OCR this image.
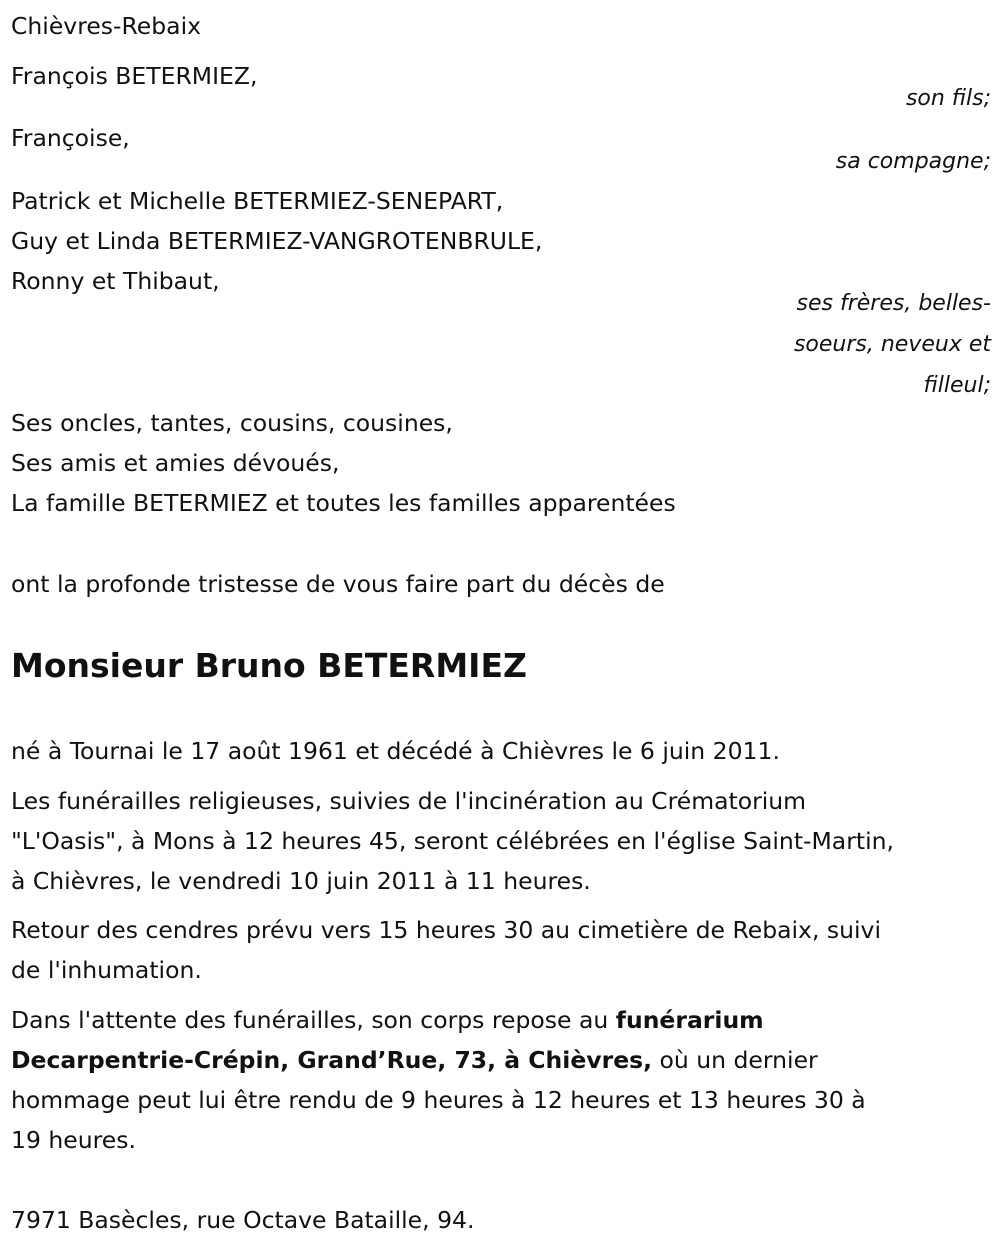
Chièvres-Rebaix
François BETERMIEZ,
son fils;
Françoise,
sa compagne;
Patrick et Michelle BETERMIEZ-SENEPART,
Guy et Linda BETERMIEZ-VANGROTENBRULE,
Ronny et Thibaut,
ses frères, belles-
soeurs, neveux et
filleul;
Ses oncles, tantes, cousins, cousines,
Ses amis et amies dévoués,
La famille BETERMIEZ et toutes les familles apparentées
ont la profonde tristesse de vous faire part du décès de
Monsieur Bruno BETERMIEZ
né à Tournai le 17 août 1961 et décédé à Chièvres le 6 juin 2011.
Les funérailles religieuses, suivies de l'incinération au Crématorium
"L'Oasis", à Mons à 12 heures 45, seront célébrées en l'église Saint-Martin,
à Chièvres, le vendredi 10 juin 2011 à 11 heures.
Retour des cendres prévu vers 15 heures 30 au cimetière de Rebaix, suivi
de l'inhumation.
Dans l'attente des funérailles, son corps repose au funérarium
Decarpentrie-Crépin, Grand’Rue, 73, à Chièvres, où un dernier
hommage peut lui être rendu de 9 heures à 12 heures et 13 heures 30 à
19 heures.
7971 Basècles, rue Octave Bataille, 94.
